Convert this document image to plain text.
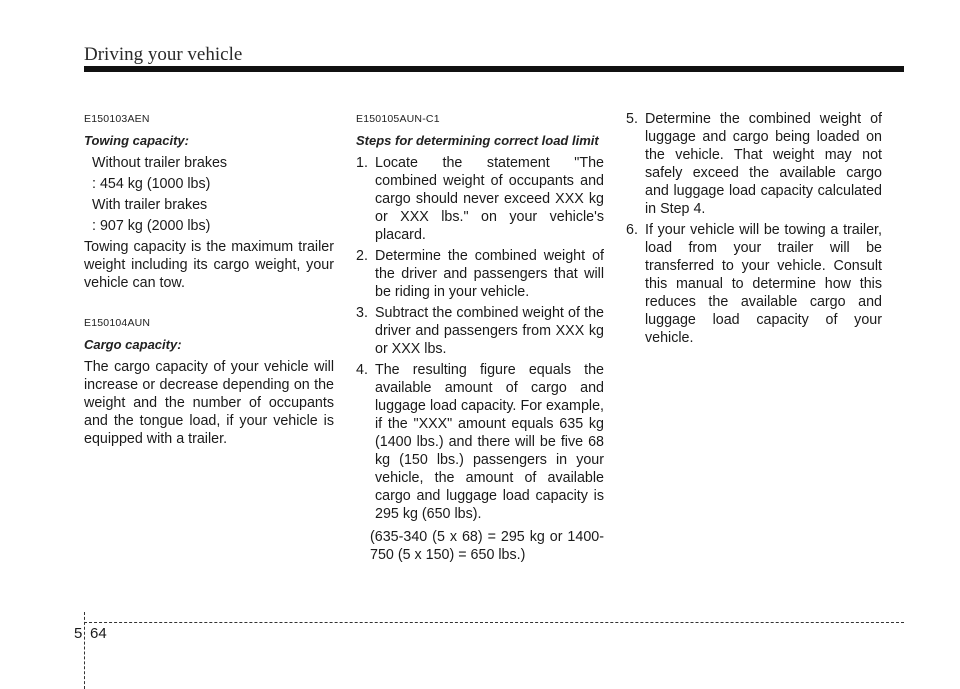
Driving your vehicle
E150103AEN
Towing capacity:
Without trailer brakes
: 454 kg (1000 lbs)
With trailer brakes
: 907 kg (2000 lbs)

Towing capacity is the maximum trailer weight including its cargo weight, your vehicle can tow.

E150104AUN
Cargo capacity:

The cargo capacity of your vehicle will increase or decrease depending on the weight and the number of occupants and the tongue load, if your vehicle is equipped with a trailer.

E150105AUN-C1
Steps for determining correct load limit
1. Locate the statement "The combined weight of occupants and cargo should never exceed XXX kg or XXX lbs." on your vehicle's placard.
2. Determine the combined weight of the driver and passengers that will be riding in your vehicle.
3. Subtract the combined weight of the driver and passengers from XXX kg or XXX lbs.
4. The resulting figure equals the available amount of cargo and luggage load capacity. For example, if the "XXX" amount equals 635 kg (1400 lbs.) and there will be five 68 kg (150 lbs.) passengers in your vehicle, the amount of available cargo and luggage load capacity is 295 kg (650 lbs).

(635-340 (5 x 68) = 295 kg or 1400-750 (5 x 150) = 650 lbs.)

5. Determine the combined weight of luggage and cargo being loaded on the vehicle. That weight may not safely exceed the available cargo and luggage load capacity calculated in Step 4.
6. If your vehicle will be towing a trailer, load from your trailer will be transferred to your vehicle. Consult this manual to determine how this reduces the available cargo and luggage load capacity of your vehicle.
5 64
